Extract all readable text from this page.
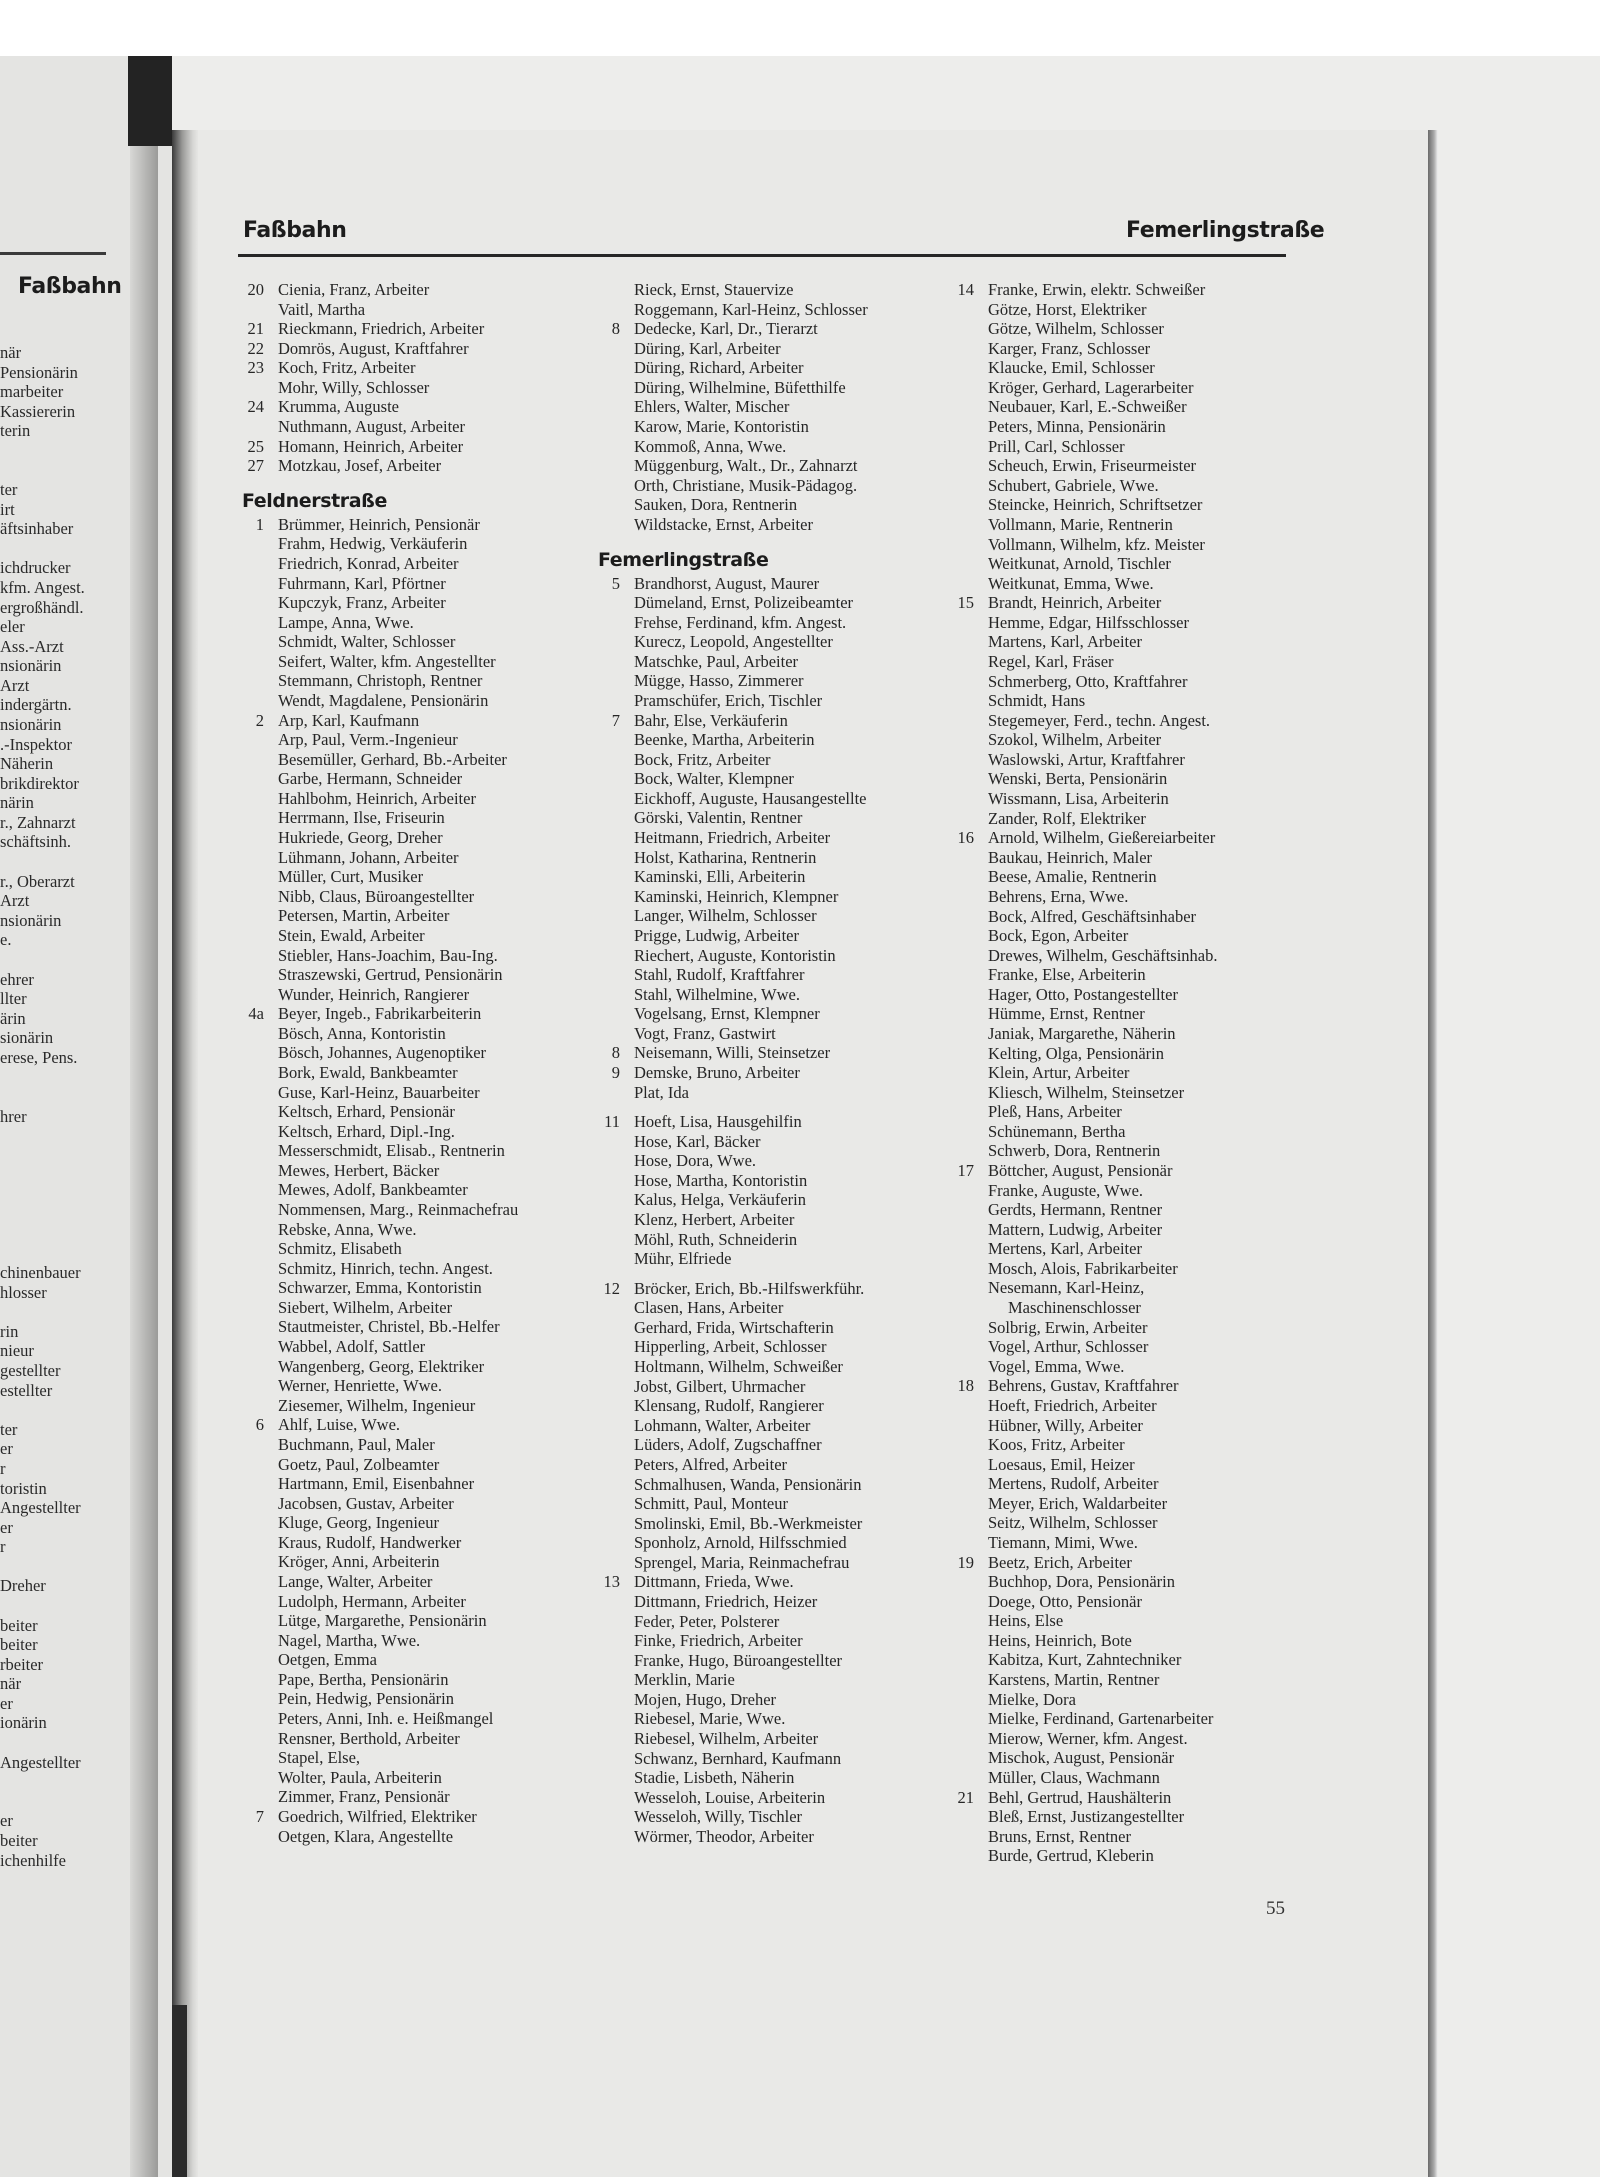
Faßbahn
när
Pensionärin
marbeiter
Kassiererin
terin
ter
irt
äftsinhaber
ichdrucker
kfm. Angest.
ergroßhändl.
eler
Ass.-Arzt
nsionärin
Arzt
indergärtn.
nsionärin
.-Inspektor
Näherin
brikdirektor
närin
r., Zahnarzt
schäftsinh.
r., Oberarzt
Arzt
nsionärin
e.
ehrer
llter
ärin
sionärin
erese, Pens.
hrer
chinenbauer
hlosser
rin
nieur
gestellter
estellter
ter
er
r
toristin
Angestellter
er
r
Dreher
beiter
beiter
rbeiter
när
er
ionärin
Angestellter
er
beiter
ichenhilfe
Faßbahn	Femerlingstraße
20 Cienia, Franz, Arbeiter
Vaitl, Martha
21 Rieckmann, Friedrich, Arbeiter
22 Domrös, August, Kraftfahrer
23 Koch, Fritz, Arbeiter
Mohr, Willy, Schlosser
24 Krumma, Auguste
Nuthmann, August, Arbeiter
25 Homann, Heinrich, Arbeiter
27 Motzkau, Josef, Arbeiter
Feldnerstraße
1 Brümmer, Heinrich, Pensionär
Frahm, Hedwig, Verkäuferin
Friedrich, Konrad, Arbeiter
Fuhrmann, Karl, Pförtner
Kupczyk, Franz, Arbeiter
Lampe, Anna, Wwe.
Schmidt, Walter, Schlosser
Seifert, Walter, kfm. Angestellter
Stemmann, Christoph, Rentner
Wendt, Magdalene, Pensionärin
2 Arp, Karl, Kaufmann
Arp, Paul, Verm.-Ingenieur
Besemüller, Gerhard, Bb.-Arbeiter
Garbe, Hermann, Schneider
Hahlbohm, Heinrich, Arbeiter
Herrmann, Ilse, Friseurin
Hukriede, Georg, Dreher
Lühmann, Johann, Arbeiter
Müller, Curt, Musiker
Nibb, Claus, Büroangestellter
Petersen, Martin, Arbeiter
Stein, Ewald, Arbeiter
Stiebler, Hans-Joachim, Bau-Ing.
Straszewski, Gertrud, Pensionärin
Wunder, Heinrich, Rangierer
4a Beyer, Ingeb., Fabrikarbeiterin
Bösch, Anna, Kontoristin
Bösch, Johannes, Augenoptiker
Bork, Ewald, Bankbeamter
Guse, Karl-Heinz, Bauarbeiter
Keltsch, Erhard, Pensionär
Keltsch, Erhard, Dipl.-Ing.
Messerschmidt, Elisab., Rentnerin
Mewes, Herbert, Bäcker
Mewes, Adolf, Bankbeamter
Nommensen, Marg., Reinmachefrau
Rebske, Anna, Wwe.
Schmitz, Elisabeth
Schmitz, Hinrich, techn. Angest.
Schwarzer, Emma, Kontoristin
Siebert, Wilhelm, Arbeiter
Stautmeister, Christel, Bb.-Helfer
Wabbel, Adolf, Sattler
Wangenberg, Georg, Elektriker
Werner, Henriette, Wwe.
Ziesemer, Wilhelm, Ingenieur
6 Ahlf, Luise, Wwe.
Buchmann, Paul, Maler
Goetz, Paul, Zolbeamter
Hartmann, Emil, Eisenbahner
Jacobsen, Gustav, Arbeiter
Kluge, Georg, Ingenieur
Kraus, Rudolf, Handwerker
Kröger, Anni, Arbeiterin
Lange, Walter, Arbeiter
Ludolph, Hermann, Arbeiter
Lütge, Margarethe, Pensionärin
Nagel, Martha, Wwe.
Oetgen, Emma
Pape, Bertha, Pensionärin
Pein, Hedwig, Pensionärin
Peters, Anni, Inh. e. Heißmangel
Rensner, Berthold, Arbeiter
Stapel, Else,
Wolter, Paula, Arbeiterin
Zimmer, Franz, Pensionär
7 Goedrich, Wilfried, Elektriker
Oetgen, Klara, Angestellte
Rieck, Ernst, Stauervize
Roggemann, Karl-Heinz, Schlosser
8 Dedecke, Karl, Dr., Tierarzt
Düring, Karl, Arbeiter
Düring, Richard, Arbeiter
Düring, Wilhelmine, Büfetthilfe
Ehlers, Walter, Mischer
Karow, Marie, Kontoristin
Kommoß, Anna, Wwe.
Müggenburg, Walt., Dr., Zahnarzt
Orth, Christiane, Musik-Pädagog.
Sauken, Dora, Rentnerin
Wildstacke, Ernst, Arbeiter
Femerlingstraße
5 Brandhorst, August, Maurer
Dümeland, Ernst, Polizeibeamter
Frehse, Ferdinand, kfm. Angest.
Kurecz, Leopold, Angestellter
Matschke, Paul, Arbeiter
Mügge, Hasso, Zimmerer
Pramschüfer, Erich, Tischler
7 Bahr, Else, Verkäuferin
Beenke, Martha, Arbeiterin
Bock, Fritz, Arbeiter
Bock, Walter, Klempner
Eickhoff, Auguste, Hausangestellte
Görski, Valentin, Rentner
Heitmann, Friedrich, Arbeiter
Holst, Katharina, Rentnerin
Kaminski, Elli, Arbeiterin
Kaminski, Heinrich, Klempner
Langer, Wilhelm, Schlosser
Prigge, Ludwig, Arbeiter
Riechert, Auguste, Kontoristin
Stahl, Rudolf, Kraftfahrer
Stahl, Wilhelmine, Wwe.
Vogelsang, Ernst, Klempner
Vogt, Franz, Gastwirt
8 Neisemann, Willi, Steinsetzer
9 Demske, Bruno, Arbeiter
Plat, Ida
11 Hoeft, Lisa, Hausgehilfin
Hose, Karl, Bäcker
Hose, Dora, Wwe.
Hose, Martha, Kontoristin
Kalus, Helga, Verkäuferin
Klenz, Herbert, Arbeiter
Möhl, Ruth, Schneiderin
Mühr, Elfriede
12 Bröcker, Erich, Bb.-Hilfswerkführ.
Clasen, Hans, Arbeiter
Gerhard, Frida, Wirtschafterin
Hipperling, Arbeit, Schlosser
Holtmann, Wilhelm, Schweißer
Jobst, Gilbert, Uhrmacher
Klensang, Rudolf, Rangierer
Lohmann, Walter, Arbeiter
Lüders, Adolf, Zugschaffner
Peters, Alfred, Arbeiter
Schmalhusen, Wanda, Pensionärin
Schmitt, Paul, Monteur
Smolinski, Emil, Bb.-Werkmeister
Sponholz, Arnold, Hilfsschmied
Sprengel, Maria, Reinmachefrau
13 Dittmann, Frieda, Wwe.
Dittmann, Friedrich, Heizer
Feder, Peter, Polsterer
Finke, Friedrich, Arbeiter
Franke, Hugo, Büroangestellter
Merklin, Marie
Mojen, Hugo, Dreher
Riebesel, Marie, Wwe.
Riebesel, Wilhelm, Arbeiter
Schwanz, Bernhard, Kaufmann
Stadie, Lisbeth, Näherin
Wesseloh, Louise, Arbeiterin
Wesseloh, Willy, Tischler
Wörmer, Theodor, Arbeiter
14 Franke, Erwin, elektr. Schweißer
Götze, Horst, Elektriker
Götze, Wilhelm, Schlosser
Karger, Franz, Schlosser
Klaucke, Emil, Schlosser
Kröger, Gerhard, Lagerarbeiter
Neubauer, Karl, E.-Schweißer
Peters, Minna, Pensionärin
Prill, Carl, Schlosser
Scheuch, Erwin, Friseurmeister
Schubert, Gabriele, Wwe.
Steincke, Heinrich, Schriftsetzer
Vollmann, Marie, Rentnerin
Vollmann, Wilhelm, kfz. Meister
Weitkunat, Arnold, Tischler
Weitkunat, Emma, Wwe.
15 Brandt, Heinrich, Arbeiter
Hemme, Edgar, Hilfsschlosser
Martens, Karl, Arbeiter
Regel, Karl, Fräser
Schmerberg, Otto, Kraftfahrer
Schmidt, Hans
Stegemeyer, Ferd., techn. Angest.
Szokol, Wilhelm, Arbeiter
Waslowski, Artur, Kraftfahrer
Wenski, Berta, Pensionärin
Wissmann, Lisa, Arbeiterin
Zander, Rolf, Elektriker
16 Arnold, Wilhelm, Gießereiarbeiter
Baukau, Heinrich, Maler
Beese, Amalie, Rentnerin
Behrens, Erna, Wwe.
Bock, Alfred, Geschäftsinhaber
Bock, Egon, Arbeiter
Drewes, Wilhelm, Geschäftsinhab.
Franke, Else, Arbeiterin
Hager, Otto, Postangestellter
Hümme, Ernst, Rentner
Janiak, Margarethe, Näherin
Kelting, Olga, Pensionärin
Klein, Artur, Arbeiter
Kliesch, Wilhelm, Steinsetzer
Pleß, Hans, Arbeiter
Schünemann, Bertha
Schwerb, Dora, Rentnerin
17 Böttcher, August, Pensionär
Franke, Auguste, Wwe.
Gerdts, Hermann, Rentner
Mattern, Ludwig, Arbeiter
Mertens, Karl, Arbeiter
Mosch, Alois, Fabrikarbeiter
Nesemann, Karl-Heinz,
Maschinenschlosser
Solbrig, Erwin, Arbeiter
Vogel, Arthur, Schlosser
Vogel, Emma, Wwe.
18 Behrens, Gustav, Kraftfahrer
Hoeft, Friedrich, Arbeiter
Hübner, Willy, Arbeiter
Koos, Fritz, Arbeiter
Loesaus, Emil, Heizer
Mertens, Rudolf, Arbeiter
Meyer, Erich, Waldarbeiter
Seitz, Wilhelm, Schlosser
Tiemann, Mimi, Wwe.
19 Beetz, Erich, Arbeiter
Buchhop, Dora, Pensionärin
Doege, Otto, Pensionär
Heins, Else
Heins, Heinrich, Bote
Kabitza, Kurt, Zahntechniker
Karstens, Martin, Rentner
Mielke, Dora
Mielke, Ferdinand, Gartenarbeiter
Mierow, Werner, kfm. Angest.
Mischok, August, Pensionär
Müller, Claus, Wachmann
21 Behl, Gertrud, Haushälterin
Bleß, Ernst, Justizangestellter
Bruns, Ernst, Rentner
Burde, Gertrud, Kleberin
55
